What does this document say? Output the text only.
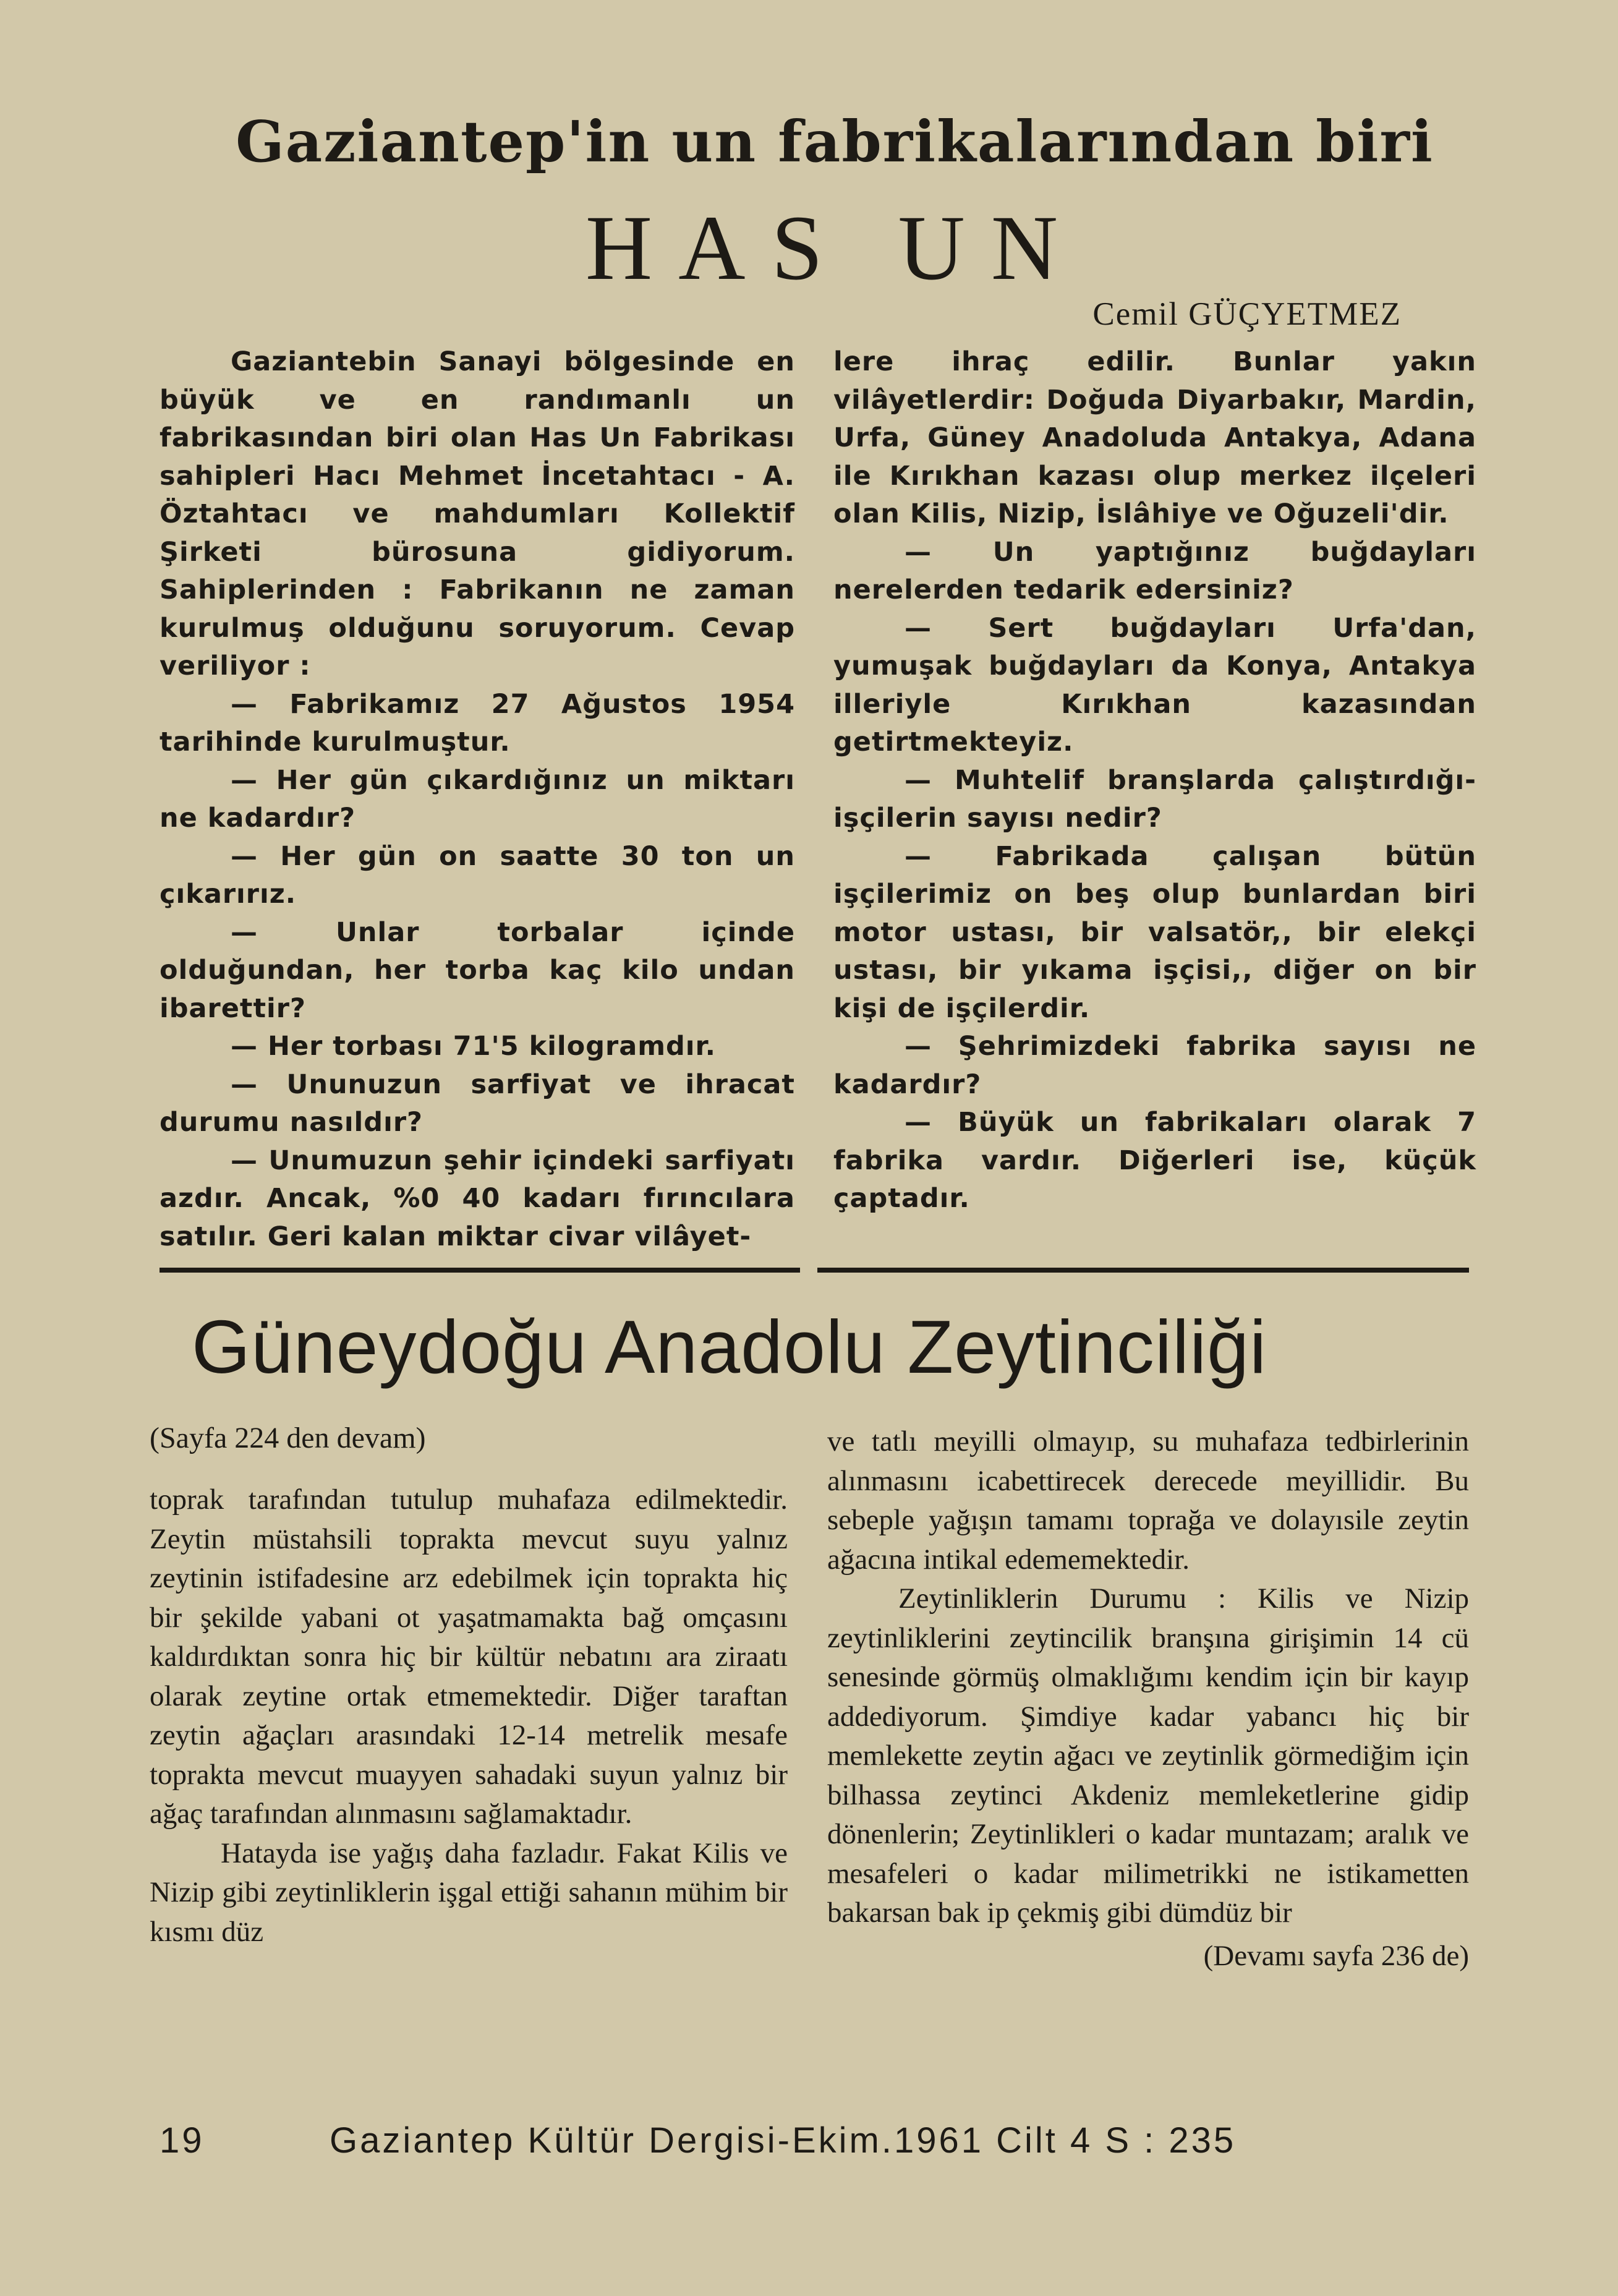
Gaziantep'in un fabrikalarından biri
HAS UN
Cemil GÜÇYETMEZ

Gaziantebin Sanayi bölgesinde en büyük ve en randımanlı un fabrikasından biri olan Has Un Fabrikası sahipleri Hacı Mehmet İncetahtacı - A. Öztahtacı ve mahdumları Kollektif Şirketi bürosuna gidiyorum. Sahiplerinden : Fabrikanın ne zaman kurulmuş olduğunu soruyorum. Cevap veriliyor :

— Fabrikamız 27 Ağustos 1954 tarihinde kurulmuştur.

— Her gün çıkardığınız un miktarı ne kadardır?

— Her gün on saatte 30 ton un çıkarırız.

— Unlar torbalar içinde olduğundan, her torba kaç kilo undan ibarettir?

— Her torbası 71'5 kilogramdır.

— Ununuzun sarfiyat ve ihracat durumu nasıldır?

— Unumuzun şehir içindeki sarfiyatı azdır. Ancak, %0 40 kadarı fırıncılara satılır. Geri kalan miktar civar vilâyet-

lere ihraç edilir. Bunlar yakın vilâyetlerdir: Doğuda Diyarbakır, Mardin, Urfa, Güney Anadoluda Antakya, Adana ile Kırıkhan kazası olup merkez ilçeleri olan Kilis, Nizip, İslâhiye ve Oğuzeli'dir.

— Un yaptığınız buğdayları nerelerden tedarik edersiniz?

— Sert buğdayları Urfa'dan, yumuşak buğdayları da Konya, Antakya illeriyle Kırıkhan kazasından getirtmekteyiz.

— Muhtelif branşlarda çalıştırdığı- işçilerin sayısı nedir?

— Fabrikada çalışan bütün işçilerimiz on beş olup bunlardan biri motor ustası, bir valsatör,, bir elekçi ustası, bir yıkama işçisi,, diğer on bir kişi de işçilerdir.

— Şehrimizdeki fabrika sayısı ne kadardır?

— Büyük un fabrikaları olarak 7 fabrika vardır. Diğerleri ise, küçük çaptadır.

Güneydoğu Anadolu Zeytinciliği
(Sayfa 224 den devam)

toprak tarafından tutulup muhafaza edilmektedir. Zeytin müstahsili toprakta mevcut suyu yalnız zeytinin istifadesine arz edebilmek için toprakta hiç bir şekilde yabani ot yaşatmamakta bağ omçasını kaldırdıktan sonra hiç bir kültür nebatını ara ziraatı olarak zeytine ortak etmemektedir. Diğer taraftan zeytin ağaçları arasındaki 12-14 metrelik mesafe toprakta mevcut muayyen sahadaki suyun yalnız bir ağaç tarafından alınmasını sağlamaktadır.

Hatayda ise yağış daha fazladır. Fakat Kilis ve Nizip gibi zeytinliklerin işgal ettiği sahanın mühim bir kısmı düz

ve tatlı meyilli olmayıp, su muhafaza tedbirlerinin alınmasını icabettirecek derecede meyillidir. Bu sebeple yağışın tamamı toprağa ve dolayısile zeytin ağacına intikal edememektedir.

Zeytinliklerin Durumu : Kilis ve Nizip zeytinliklerini zeytincilik branşına girişimin 14 cü senesinde görmüş olmaklığımı kendim için bir kayıp addediyorum. Şimdiye kadar yabancı hiç bir memlekette zeytin ağacı ve zeytinlik görmediğim için bilhassa zeytinci Akdeniz memleketlerine gidip dönenlerin; Zeytinlikleri o kadar muntazam; aralık ve mesafeleri o kadar milimetrikki ne istikametten bakarsan bak ip çekmiş gibi dümdüz bir

(Devamı sayfa 236 de)

19	Gaziantep Kültür Dergisi-Ekim.1961 Cilt 4 S : 235
